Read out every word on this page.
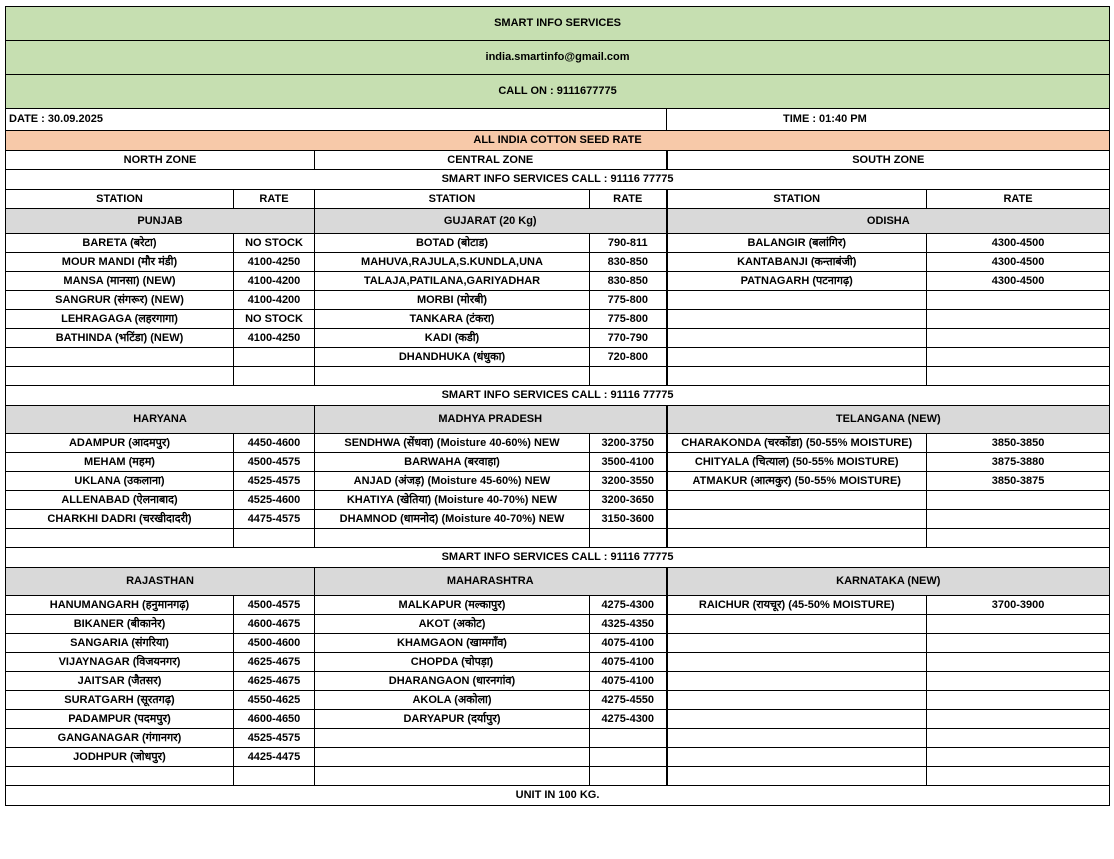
SMART INFO SERVICES					
india.smartinfo@gmail.com					
CALL ON : 9111677775					
DATE : 30.09.2025				TIME : 01:40 PM	
ALL INDIA COTTON SEED RATE					
NORTH ZONE		CENTRAL ZONE		SOUTH ZONE	
SMART INFO SERVICES CALL : 91116 77775					
STATION	RATE	STATION	RATE	STATION	RATE
PUNJAB		GUJARAT (20 Kg)		ODISHA	
BARETA (बरेटा)	NO STOCK	BOTAD (बोटाड)	790-811	BALANGIR (बलांगिर)	4300-4500
MOUR MANDI (मौर मंडी)	4100-4250	MAHUVA,RAJULA,S.KUNDLA,UNA	830-850	KANTABANJI (कन्ताबंजी)	4300-4500
MANSA (मानसा) (NEW)	4100-4200	TALAJA,PATILANA,GARIYADHAR	830-850	PATNAGARH (पटनागढ़)	4300-4500
SANGRUR (संगरूर) (NEW)	4100-4200	MORBI (मोरबी)	775-800		
LEHRAGAGA (लहरगागा)	NO STOCK	TANKARA (टंकरा)	775-800		
BATHINDA (भटिंडा) (NEW)	4100-4250	KADI (कडी)	770-790		
		DHANDHUKA (धंधुका)	720-800		

SMART INFO SERVICES CALL : 91116 77775					
HARYANA		MADHYA PRADESH		TELANGANA (NEW)	
ADAMPUR (आदमपुर)	4450-4600	SENDHWA (सेंधवा) (Moisture 40-60%) NEW	3200-3750	CHARAKONDA (चरकोंडा) (50-55% MOISTURE)	3850-3850
MEHAM (महम)	4500-4575	BARWAHA (बरवाहा)	3500-4100	CHITYALA (चित्याल) (50-55% MOISTURE)	3875-3880
UKLANA (उकलाना)	4525-4575	ANJAD (अंजड़) (Moisture 45-60%) NEW	3200-3550	ATMAKUR (आत्मकुर) (50-55% MOISTURE)	3850-3875
ALLENABAD (ऐलनाबाद)	4525-4600	KHATIYA (खेतिया) (Moisture 40-70%) NEW	3200-3650		
CHARKHI DADRI (चरखीदादरी)	4475-4575	DHAMNOD (धामनोद) (Moisture 40-70%) NEW	3150-3600		

SMART INFO SERVICES CALL : 91116 77775					
RAJASTHAN		MAHARASHTRA		KARNATAKA (NEW)	
HANUMANGARH (हनुमानगढ़)	4500-4575	MALKAPUR (मल्कापुर)	4275-4300	RAICHUR (रायचूर) (45-50% MOISTURE)	3700-3900
BIKANER (बीकानेर)	4600-4675	AKOT (अकोट)	4325-4350		
SANGARIA (संगरिया)	4500-4600	KHAMGAON (खामगाँव)	4075-4100		
VIJAYNAGAR (विजयनगर)	4625-4675	CHOPDA (चोपड़ा)	4075-4100		
JAITSAR (जैतसर)	4625-4675	DHARANGAON (धारनगांव)	4075-4100		
SURATGARH (सूरतगढ़)	4550-4625	AKOLA (अकोला)	4275-4550		
PADAMPUR (पदमपुर)	4600-4650	DARYAPUR (दर्यापुर)	4275-4300		
GANGANAGAR (गंगानगर)	4525-4575				
JODHPUR (जोधपुर)	4425-4475				

UNIT IN 100 KG.					
